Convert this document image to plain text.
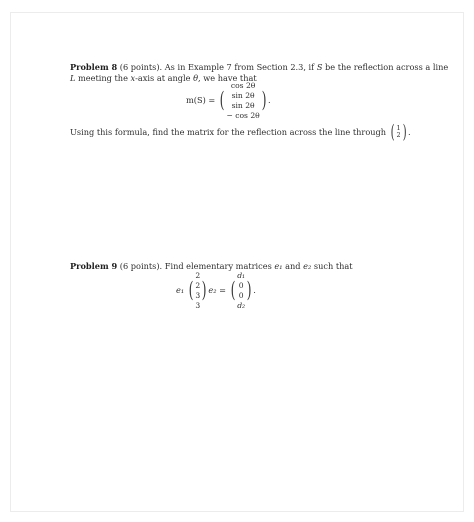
Problem 8 (6 points). As in Example 7 from Section 2.3, if S be the reflection across a line
L meeting the x-axis at angle θ, we have that
m(S) = (
cos 2θ
sin 2θ
sin 2θ
− cos 2θ
) .
Using this formula, find the matrix for the reflection across the line through ( 1
2 ) .
Problem 9 (6 points). Find elementary matrices e₁ and e₂ such that
e₁ (
2
2
3
3
) e₂ = (
d₁
0
0
d₂
) .
